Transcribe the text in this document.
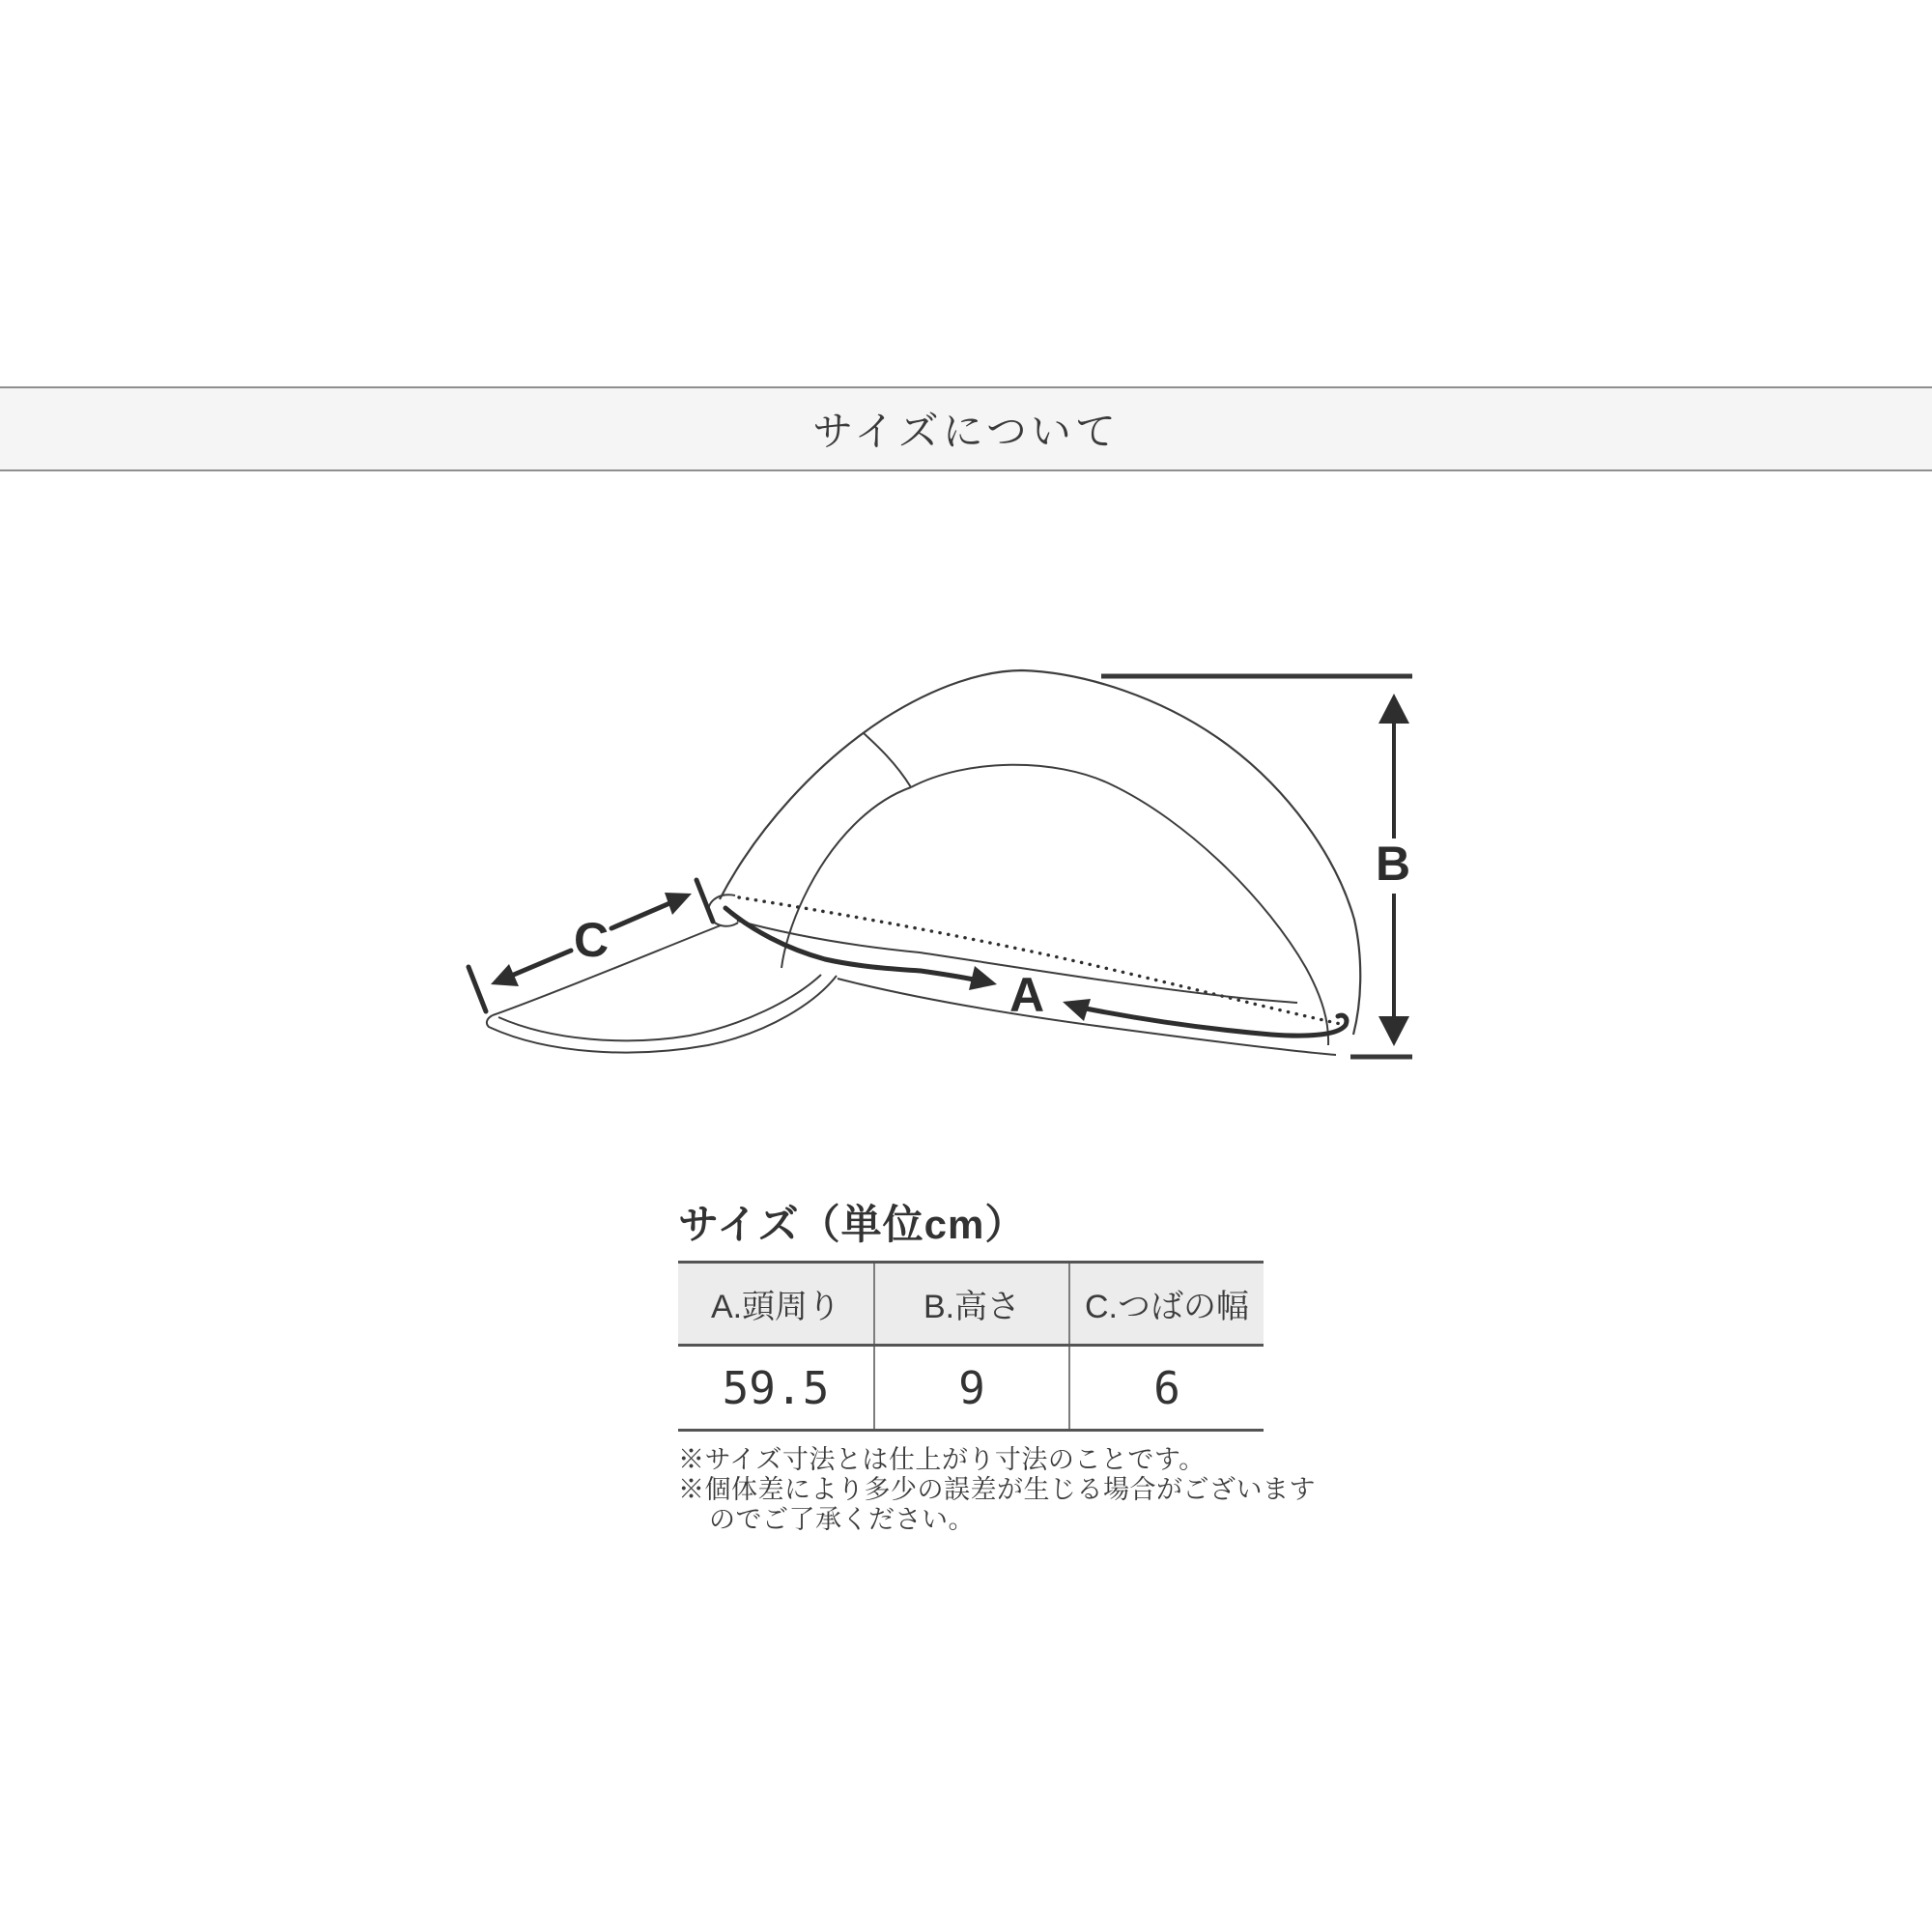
サイズについて
A
B
C
サイズ（単位cm）
A.頭周り	B.高さ	C.つばの幅
59.5	9	6
※サイズ寸法とは仕上がり寸法のことです。
※個体差により多少の誤差が生じる場合がございます
のでご了承ください。
